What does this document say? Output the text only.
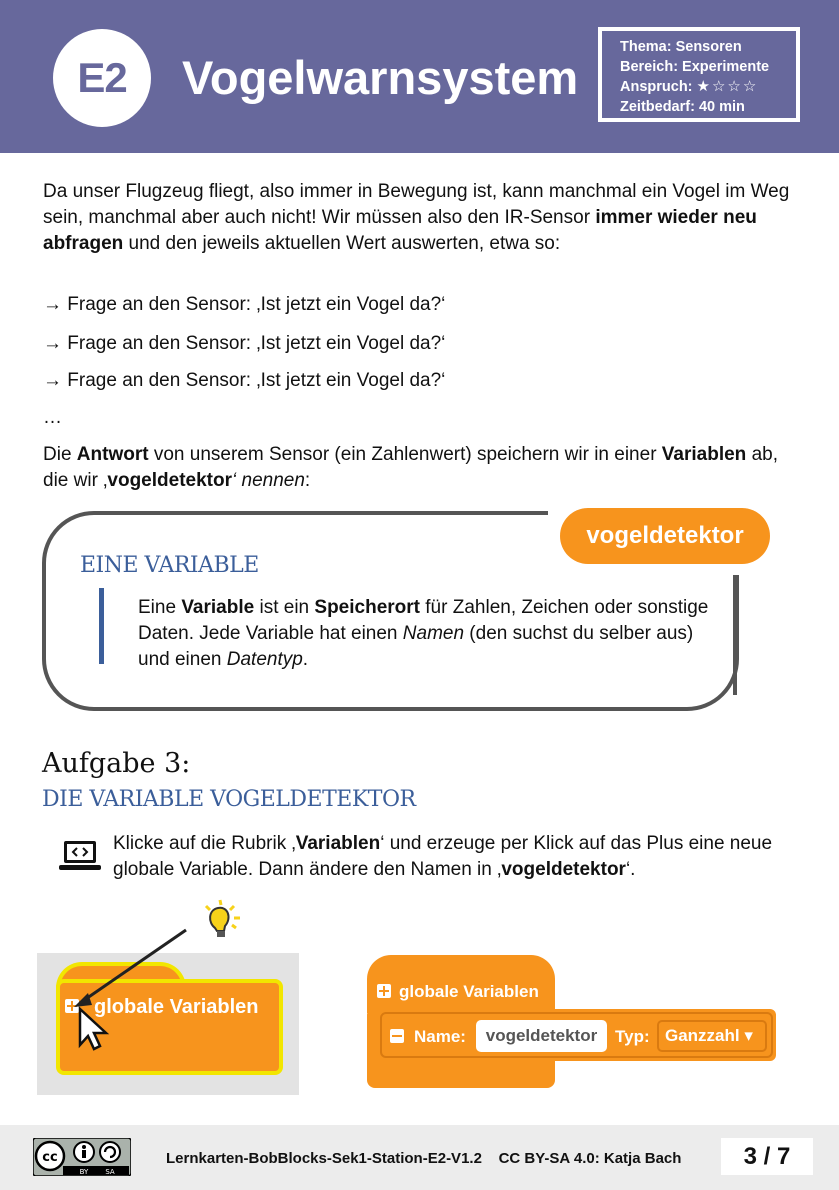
E2	Vogelwarnsystem
Thema: Sensoren
Bereich: Experimente
Anspruch: ★☆☆☆
Zeitbedarf: 40 min

Da unser Flugzeug fliegt, also immer in Bewegung ist, kann manchmal ein Vogel im Weg sein, manchmal aber auch nicht! Wir müssen also den IR-Sensor immer wieder neu abfragen und den jeweils aktuellen Wert auswerten, etwa so:

→ Frage an den Sensor: ‚Ist jetzt ein Vogel da?‘
→ Frage an den Sensor: ‚Ist jetzt ein Vogel da?‘
→ Frage an den Sensor: ‚Ist jetzt ein Vogel da?‘
…

Die Antwort von unserem Sensor (ein Zahlenwert) speichern wir in einer Variablen ab, die wir ‚vogeldetektor‘ nennen:

vogeldetektor
EINE VARIABLE
Eine Variable ist ein Speicherort für Zahlen, Zeichen oder sonstige Daten. Jede Variable hat einen Namen (den suchst du selber aus) und einen Datentyp.
Aufgabe 3:
DIE VARIABLE VOGELDETEKTOR
Klicke auf die Rubrik ‚Variablen‘ und erzeuge per Klick auf das Plus eine neue globale Variable. Dann ändere den Namen in ‚vogeldetektor‘.
globale Variablen
globale Variablen
Name:	vogeldetektor	Typ: Ganzzahl ▾
cc
BY SA
Lernkarten-BobBlocks-Sek1-Station-E2-V1.2    CC BY-SA 4.0: Katja Bach	3 / 7
